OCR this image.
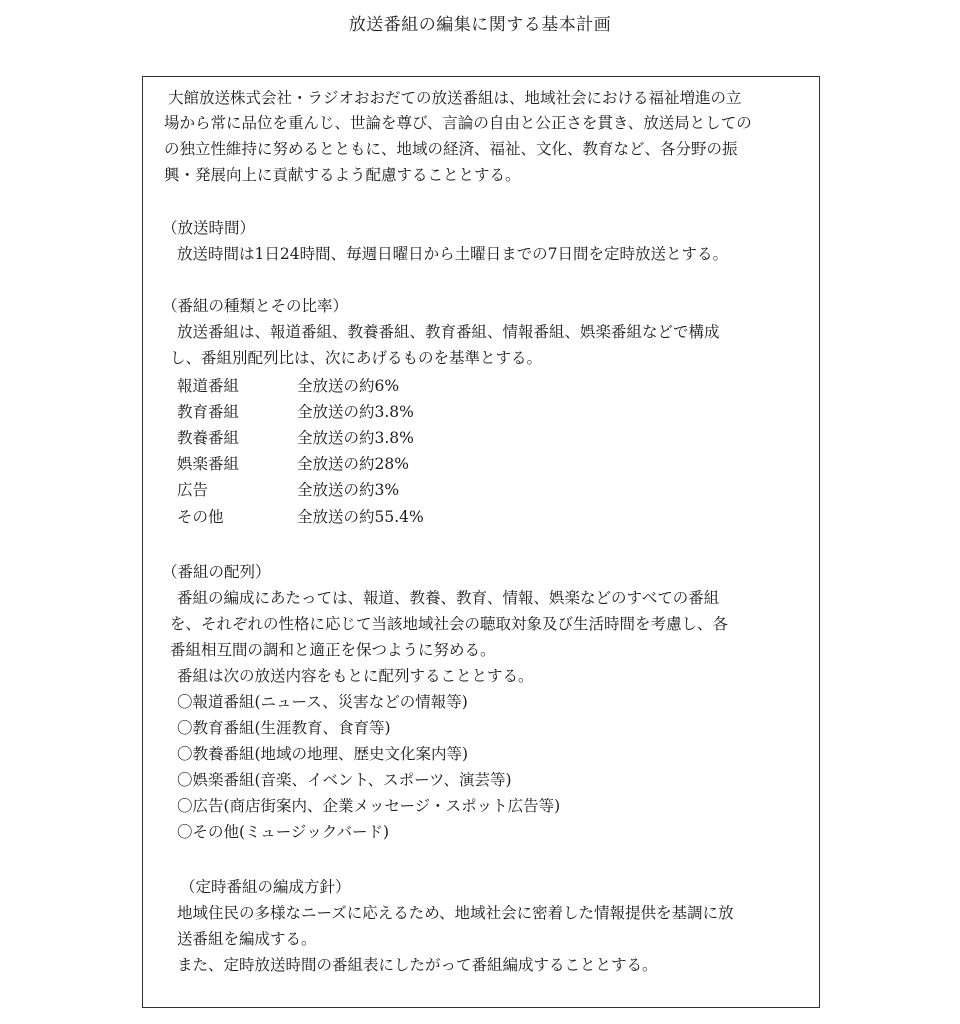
放送番組の編集に関する基本計画
大館放送株式会社・ラジオおおだての放送番組は、地域社会における福祉増進の立
場から常に品位を重んじ、世論を尊び、言論の自由と公正さを貫き、放送局としての
の独立性維持に努めるとともに、地域の経済、福祉、文化、教育など、各分野の振
興・発展向上に貢献するよう配慮することとする。
（放送時間）
放送時間は1日24時間、毎週日曜日から土曜日までの7日間を定時放送とする。
（番組の種類とその比率）
放送番組は、報道番組、教養番組、教育番組、情報番組、娯楽番組などで構成
し、番組別配列比は、次にあげるものを基準とする。
報道番組	全放送の約6%
教育番組	全放送の約3.8%
教養番組	全放送の約3.8%
娯楽番組	全放送の約28%
広告	全放送の約3%
その他	全放送の約55.4%
（番組の配列）
番組の編成にあたっては、報道、教養、教育、情報、娯楽などのすべての番組
を、それぞれの性格に応じて当該地域社会の聴取対象及び生活時間を考慮し、各
番組相互間の調和と適正を保つように努める。
番組は次の放送内容をもとに配列することとする。
〇報道番組(ニュース、災害などの情報等)
〇教育番組(生涯教育、食育等)
〇教養番組(地域の地理、歴史文化案内等)
〇娯楽番組(音楽、イベント、スポーツ、演芸等)
〇広告(商店街案内、企業メッセージ・スポット広告等)
〇その他(ミュージックバード)
（定時番組の編成方針）
地域住民の多様なニーズに応えるため、地域社会に密着した情報提供を基調に放
送番組を編成する。
また、定時放送時間の番組表にしたがって番組編成することとする。
